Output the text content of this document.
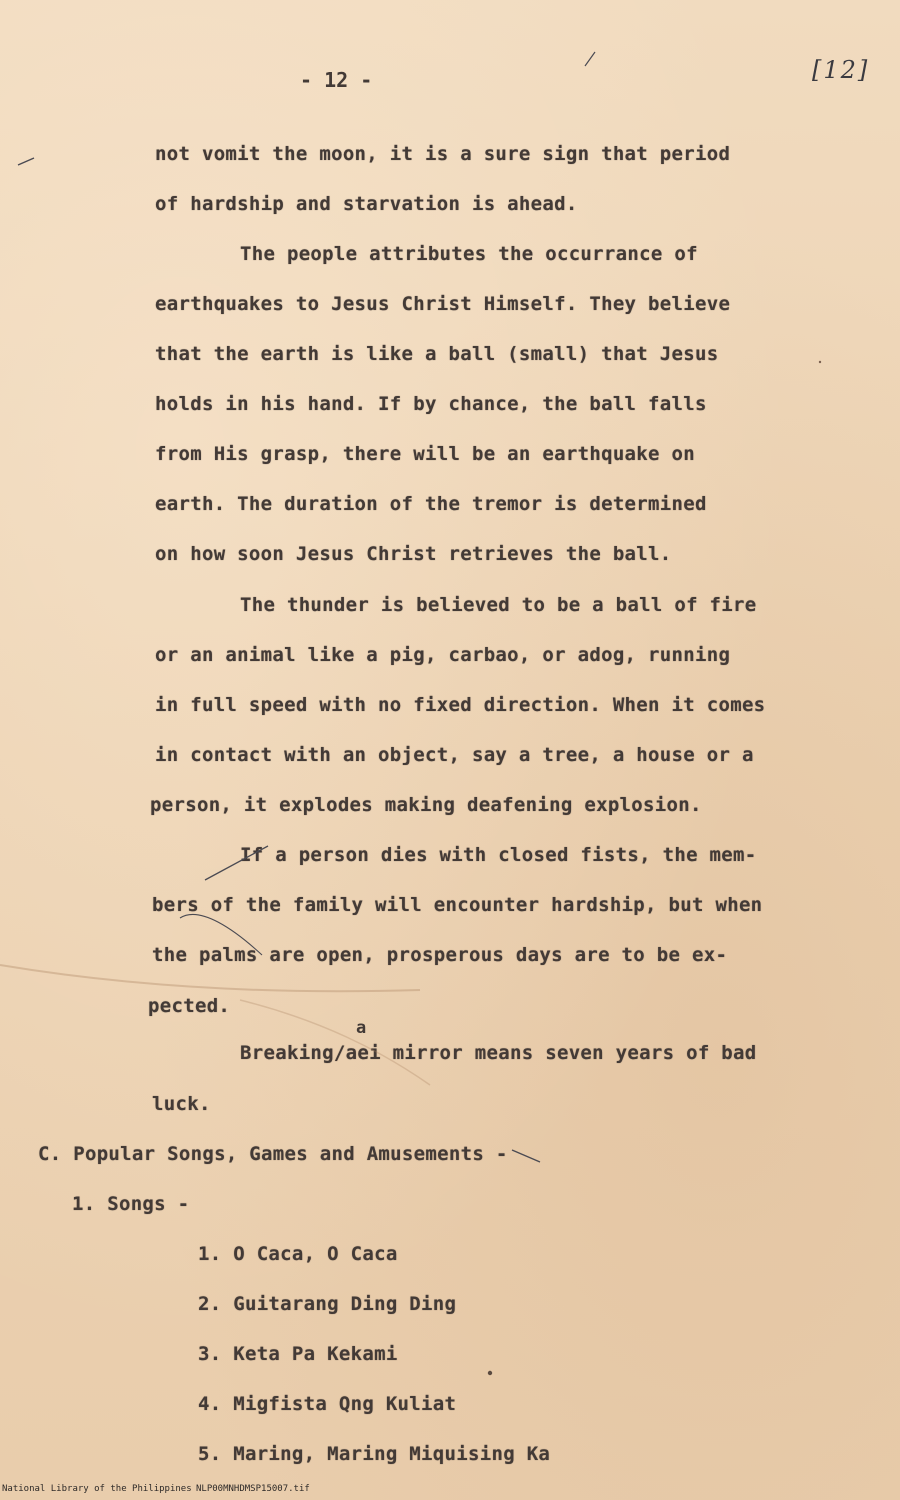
- 12 -	[12]
not vomit the moon, it is a sure sign that period
of hardship and starvation is ahead.
The people attributes the occurrance of
earthquakes to Jesus Christ Himself. They believe
that the earth is like a ball (small) that Jesus
holds in his hand. If by chance, the ball falls
from His grasp, there will be an earthquake on
earth. The duration of the tremor is determined
on how soon Jesus Christ retrieves the ball.
The thunder is believed to be a ball of fire
or an animal like a pig, carbao, or adog, running
in full speed with no fixed direction. When it comes
in contact with an object, say a tree, a house or a
person, it explodes making deafening explosion.
If a person dies with closed fists, the mem-
bers of the family will encounter hardship, but when
the palms are open, prosperous days are to be ex-
pected.
a
Breaking/aei mirror means seven years of bad
luck.
C. Popular Songs, Games and Amusements -
1. Songs -
1. O Caca, O Caca
2. Guitarang Ding Ding
3. Keta Pa Kekami
4. Migfista Qng Kuliat
5. Maring, Maring Miquising Ka
National Library of the Philippines NLP00MNHDMSP15007.tif
